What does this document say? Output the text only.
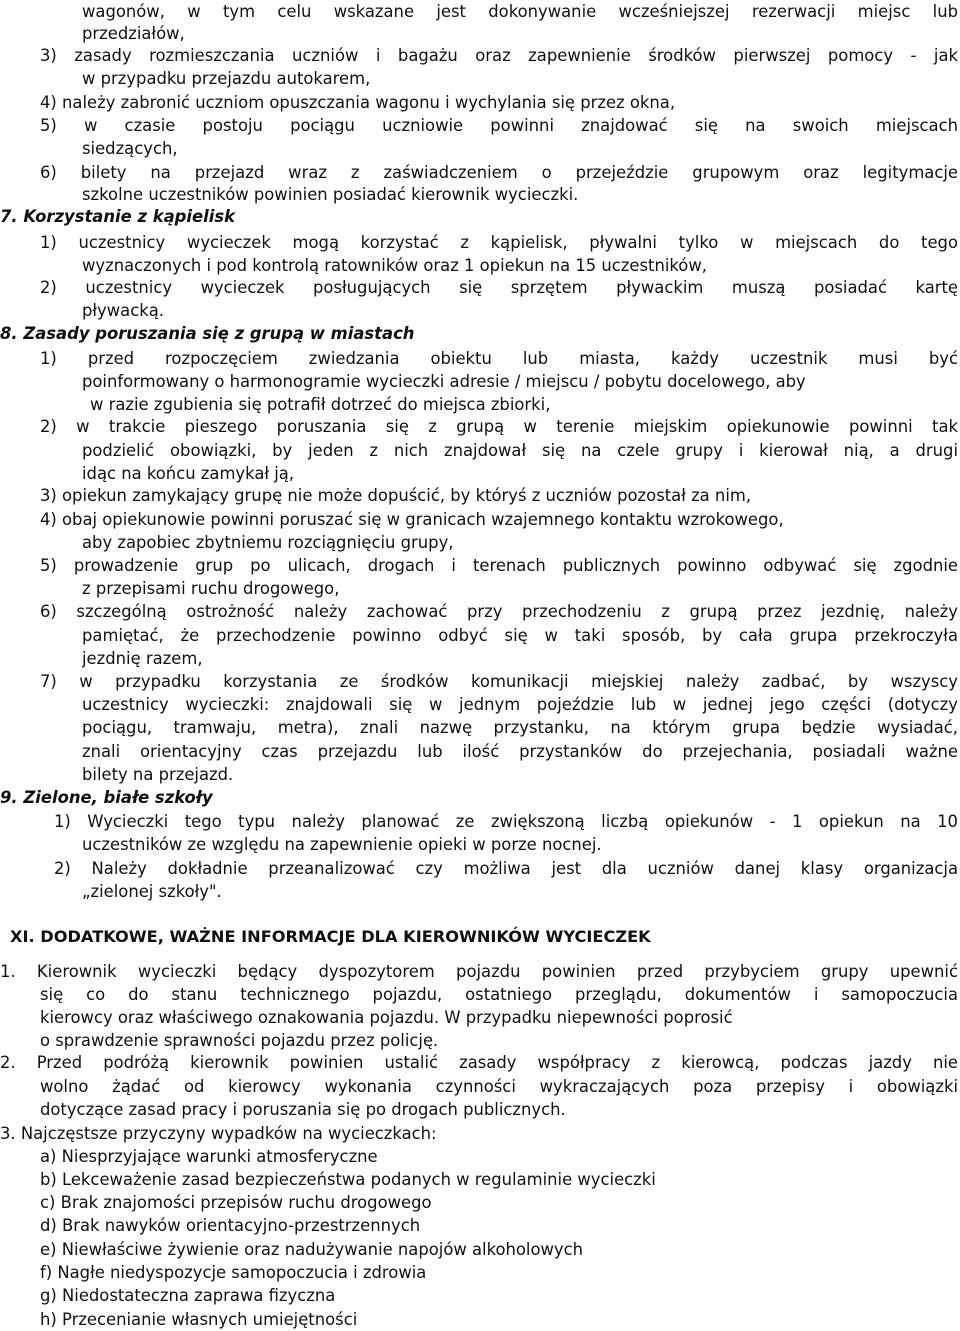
wagonów, w tym celu wskazane jest dokonywanie wcześniejszej rezerwacji miejsc lub
przedziałów,
3) zasady rozmieszczania uczniów i bagażu oraz zapewnienie środków pierwszej pomocy - jak
w przypadku przejazdu autokarem,
4) należy zabronić uczniom opuszczania wagonu i wychylania się przez okna,
5) w czasie postoju pociągu uczniowie powinni znajdować się na swoich miejscach
siedzących,
6) bilety na przejazd wraz z zaświadczeniem o przejeździe grupowym oraz legitymacje
szkolne uczestników powinien posiadać kierownik wycieczki.
7. Korzystanie z kąpielisk
1) uczestnicy wycieczek mogą korzystać z kąpielisk, pływalni tylko w miejscach do tego
wyznaczonych i pod kontrolą ratowników oraz 1 opiekun na 15 uczestników,
2) uczestnicy wycieczek posługujących się sprzętem pływackim muszą posiadać kartę
pływacką.
8. Zasady poruszania się z grupą w miastach
1) przed rozpoczęciem zwiedzania obiektu lub miasta, każdy uczestnik musi być
poinformowany o harmonogramie wycieczki adresie / miejscu / pobytu docelowego, aby
w razie zgubienia się potrafił dotrzeć do miejsca zbiorki,
2) w trakcie pieszego poruszania się z grupą w terenie miejskim opiekunowie powinni tak
podzielić obowiązki, by jeden z nich znajdował się na czele grupy i kierował nią, a drugi
idąc na końcu zamykał ją,
3) opiekun zamykający grupę nie może dopuścić, by któryś z uczniów pozostał za nim,
4) obaj opiekunowie powinni poruszać się w granicach wzajemnego kontaktu wzrokowego,
aby zapobiec zbytniemu rozciągnięciu grupy,
5) prowadzenie grup po ulicach, drogach i terenach publicznych powinno odbywać się zgodnie
z przepisami ruchu drogowego,
6) szczególną ostrożność należy zachować przy przechodzeniu z grupą przez jezdnię, należy
pamiętać, że przechodzenie powinno odbyć się w taki sposób, by cała grupa przekroczyła
jezdnię razem,
7) w przypadku korzystania ze środków komunikacji miejskiej należy zadbać, by wszyscy
uczestnicy wycieczki: znajdowali się w jednym pojeździe lub w jednej jego części (dotyczy
pociągu, tramwaju, metra), znali nazwę przystanku, na którym grupa będzie wysiadać,
znali orientacyjny czas przejazdu lub ilość przystanków do przejechania, posiadali ważne
bilety na przejazd.
9. Zielone, białe szkoły
1) Wycieczki tego typu należy planować ze zwiększoną liczbą opiekunów - 1 opiekun na 10
uczestników ze względu na zapewnienie opieki w porze nocnej.
2) Należy dokładnie przeanalizować czy możliwa jest dla uczniów danej klasy organizacja
„zielonej szkoły".
XI. DODATKOWE, WAŻNE INFORMACJE DLA KIEROWNIKÓW WYCIECZEK
1. Kierownik wycieczki będący dyspozytorem pojazdu powinien przed przybyciem grupy upewnić
się co do stanu technicznego pojazdu, ostatniego przeglądu, dokumentów i samopoczucia
kierowcy oraz właściwego oznakowania pojazdu. W przypadku niepewności poprosić
o sprawdzenie sprawności pojazdu przez policję.
2. Przed podróżą kierownik powinien ustalić zasady współpracy z kierowcą, podczas jazdy nie
wolno żądać od kierowcy wykonania czynności wykraczających poza przepisy i obowiązki
dotyczące zasad pracy i poruszania się po drogach publicznych.
3. Najczęstsze przyczyny wypadków na wycieczkach:
a) Niesprzyjające warunki atmosferyczne
b) Lekceważenie zasad bezpieczeństwa podanych w regulaminie wycieczki
c) Brak znajomości przepisów ruchu drogowego
d) Brak nawyków orientacyjno-przestrzennych
e) Niewłaściwe żywienie oraz nadużywanie napojów alkoholowych
f) Nagłe niedyspozycje samopoczucia i zdrowia
g) Niedostateczna zaprawa fizyczna
h) Przecenianie własnych umiejętności
